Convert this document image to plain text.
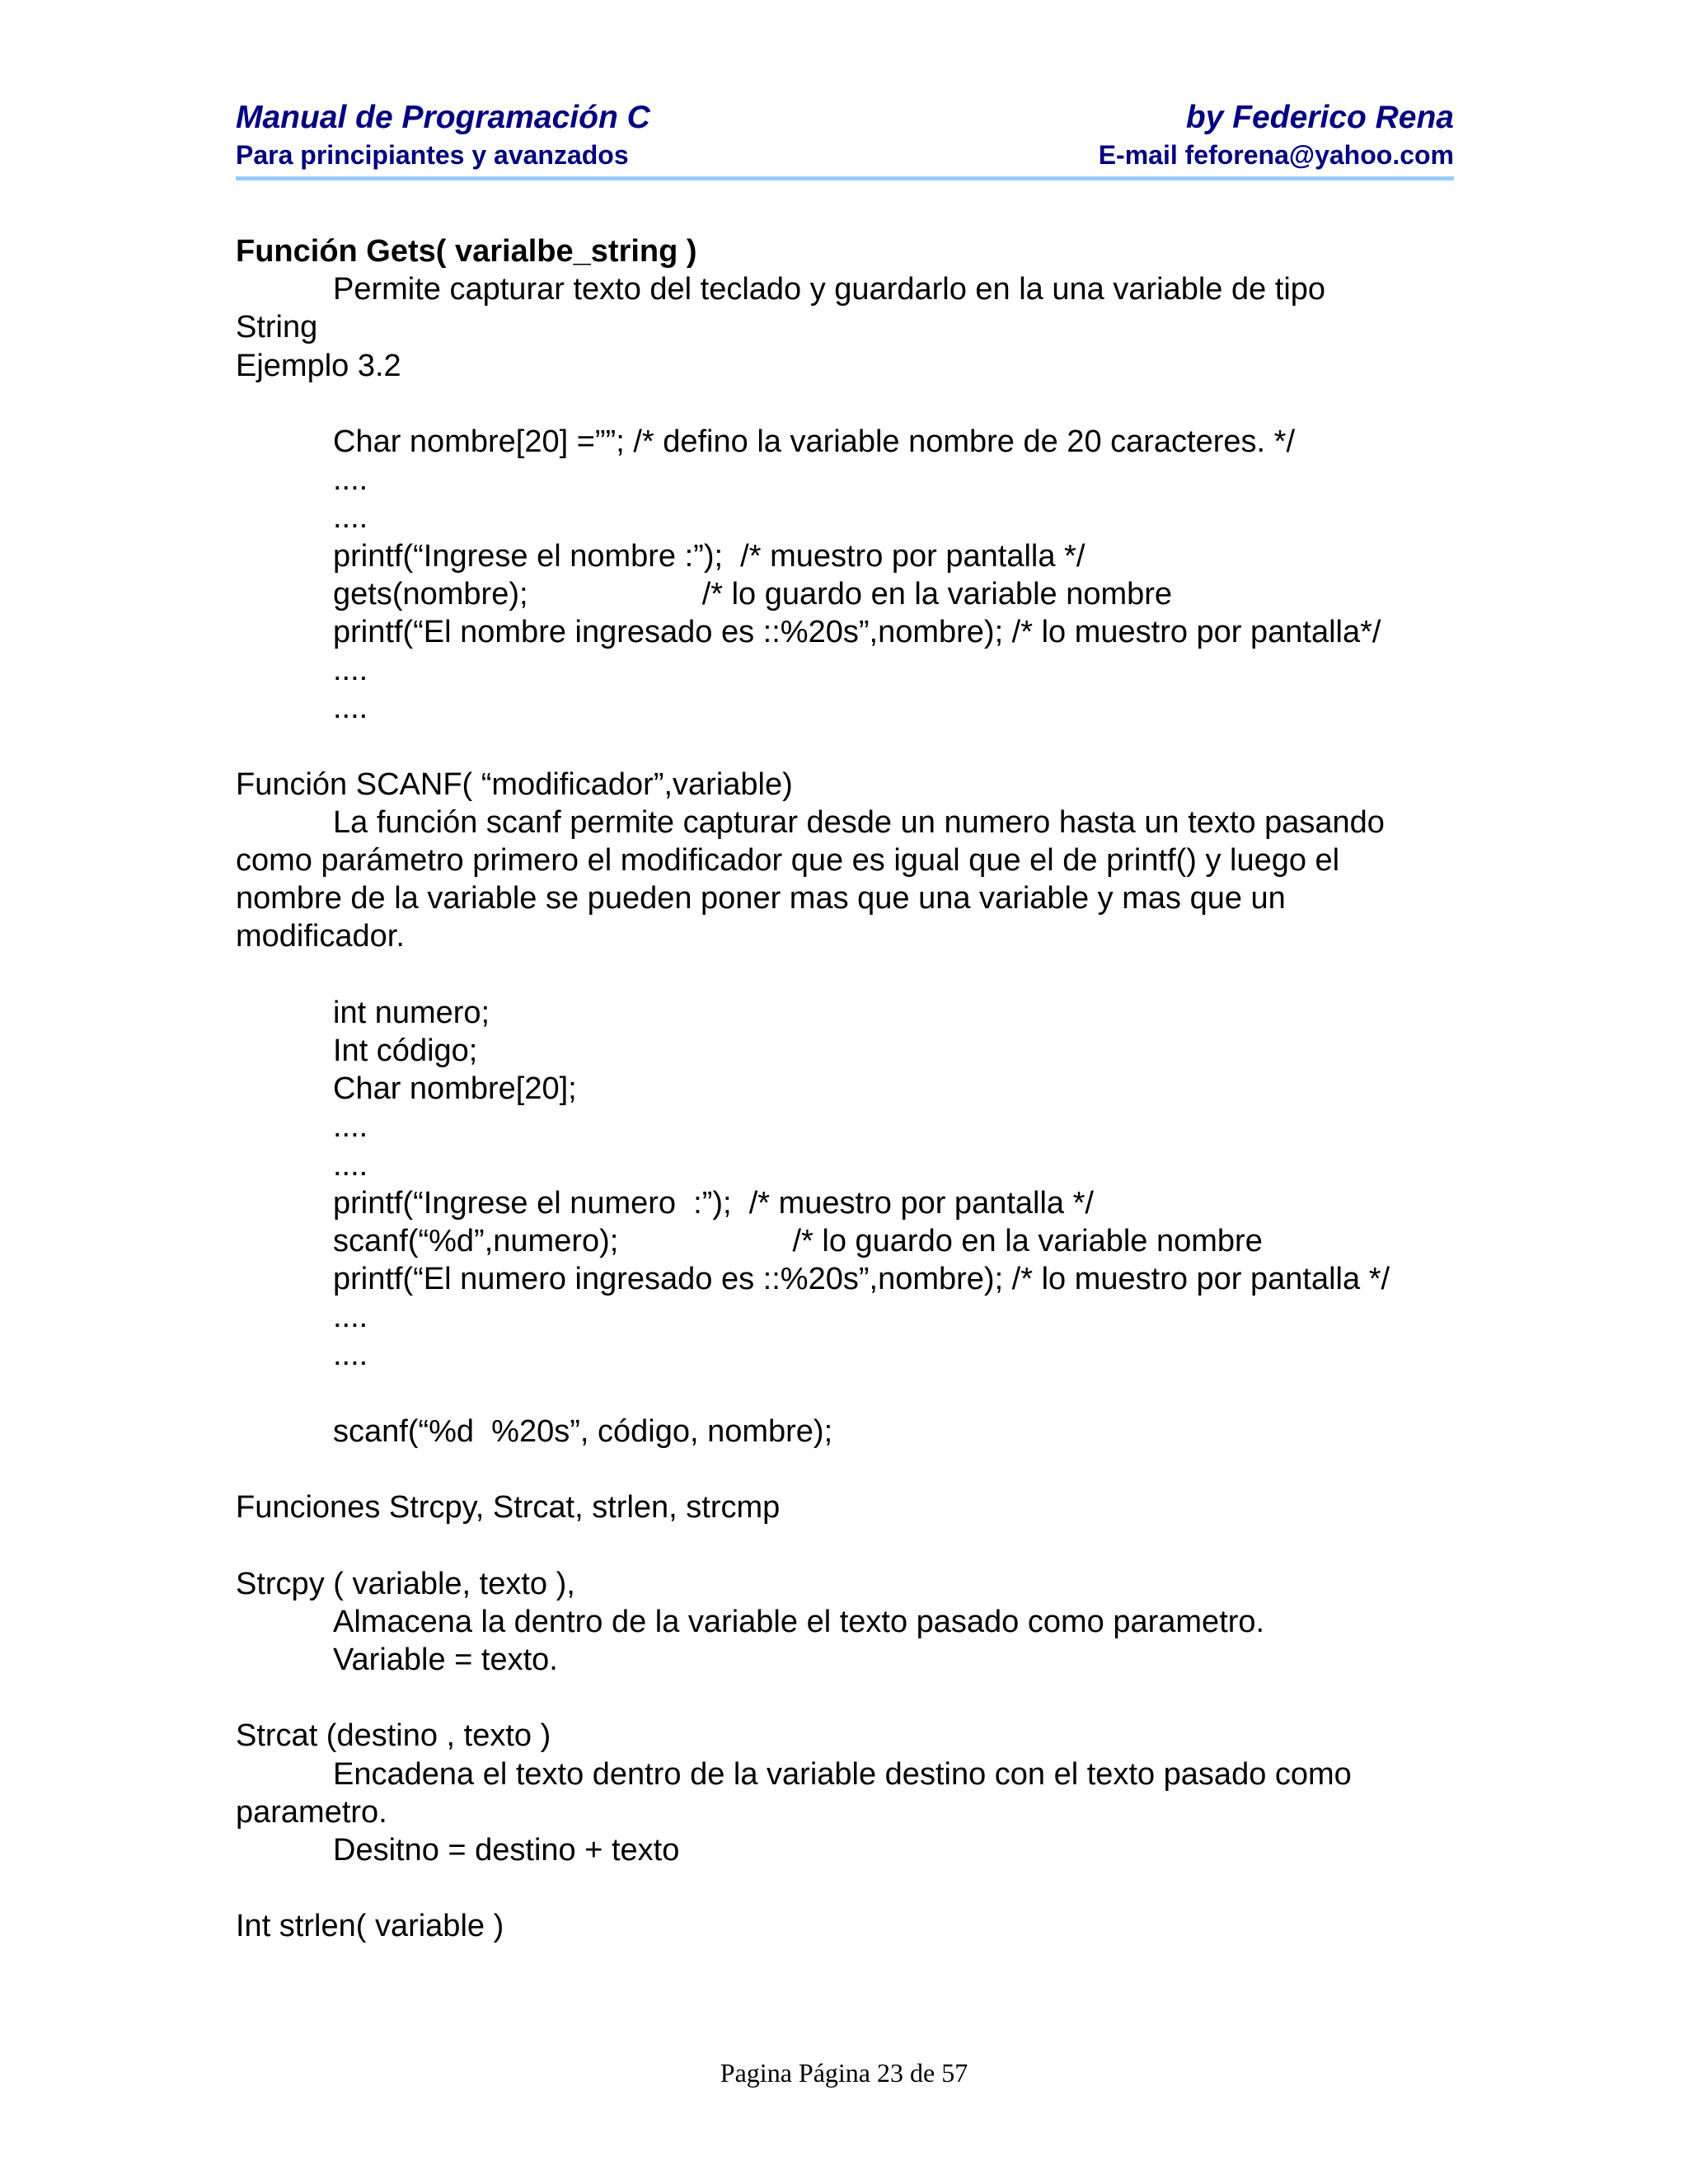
Manual de Programación C	by Federico Rena
Para principiantes y avanzados	E-mail feforena@yahoo.com
Función Gets( varialbe_string )
Permite capturar texto del teclado y guardarlo en la una variable de tipo
String
Ejemplo 3.2
Char nombre[20] =””; /* defino la variable nombre de 20 caracteres. */
....
....
printf(“Ingrese el nombre :”);  /* muestro por pantalla */
gets(nombre);                    /* lo guardo en la variable nombre
printf(“El nombre ingresado es ::%20s”,nombre); /* lo muestro por pantalla*/
....
....
Función SCANF( “modificador”,variable)
La función scanf permite capturar desde un numero hasta un texto pasando
como parámetro primero el modificador que es igual que el de printf() y luego el
nombre de la variable se pueden poner mas que una variable y mas que un
modificador.
int numero;
Int código;
Char nombre[20];
....
....
printf(“Ingrese el numero  :”);  /* muestro por pantalla */
scanf(“%d”,numero);                    /* lo guardo en la variable nombre
printf(“El numero ingresado es ::%20s”,nombre); /* lo muestro por pantalla */
....
....
scanf(“%d  %20s”, código, nombre);
Funciones Strcpy, Strcat, strlen, strcmp
Strcpy ( variable, texto ),
Almacena la dentro de la variable el texto pasado como parametro.
Variable = texto.
Strcat (destino , texto )
Encadena el texto dentro de la variable destino con el texto pasado como
parametro.
Desitno = destino + texto
Int strlen( variable )
Pagina Página 23 de 57
